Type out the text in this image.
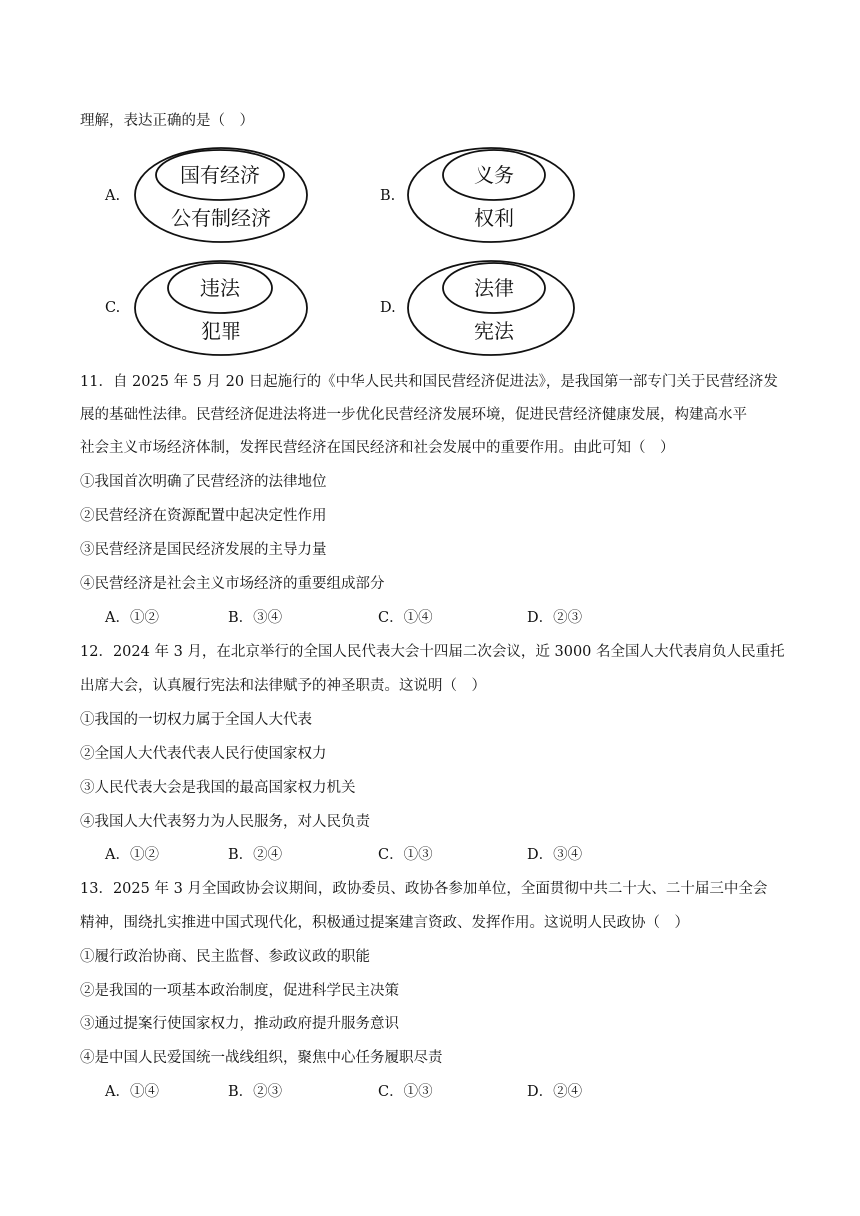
理解，表达正确的是（　）
A.
国有经济
公有制经济
B.
义务
权利
C.
违法
犯罪
D.
法律
宪法
11．自 2025 年 5 月 20 日起施行的《中华人民共和国民营经济促进法》，是我国第一部专门关于民营经济发
展的基础性法律。民营经济促进法将进一步优化民营经济发展环境，促进民营经济健康发展，构建高水平
社会主义市场经济体制，发挥民营经济在国民经济和社会发展中的重要作用。由此可知（　）
①我国首次明确了民营经济的法律地位
②民营经济在资源配置中起决定性作用
③民营经济是国民经济发展的主导力量
④民营经济是社会主义市场经济的重要组成部分
A．①②	B．③④	C．①④	D．②③
12．2024 年 3 月，在北京举行的全国人民代表大会十四届二次会议，近 3000 名全国人大代表肩负人民重托
出席大会，认真履行宪法和法律赋予的神圣职责。这说明（　）
①我国的一切权力属于全国人大代表
②全国人大代表代表人民行使国家权力
③人民代表大会是我国的最高国家权力机关
④我国人大代表努力为人民服务，对人民负责
A．①②	B．②④	C．①③	D．③④
13．2025 年 3 月全国政协会议期间，政协委员、政协各参加单位，全面贯彻中共二十大、二十届三中全会
精神，围绕扎实推进中国式现代化，积极通过提案建言资政、发挥作用。这说明人民政协（　）
①履行政治协商、民主监督、参政议政的职能
②是我国的一项基本政治制度，促进科学民主决策
③通过提案行使国家权力，推动政府提升服务意识
④是中国人民爱国统一战线组织，聚焦中心任务履职尽责
A．①④	B．②③	C．①③	D．②④
